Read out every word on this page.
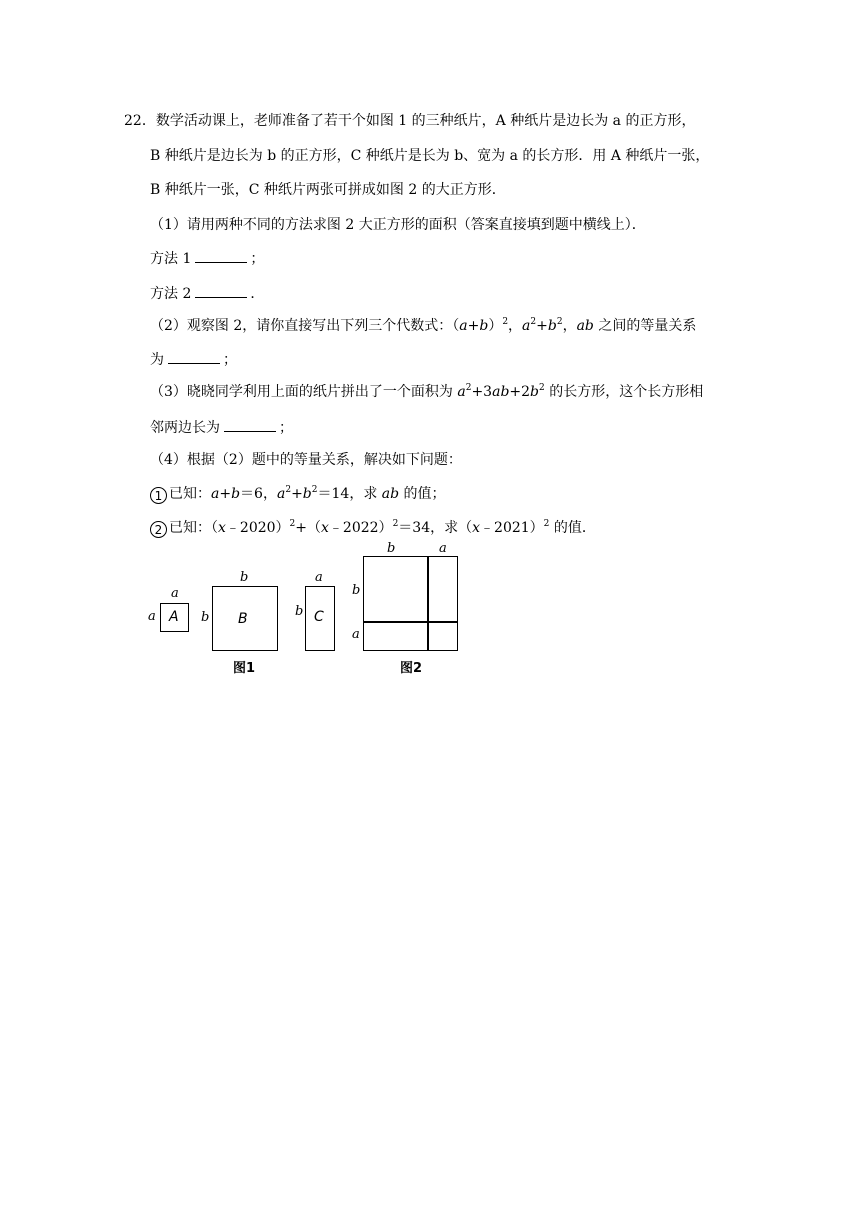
22．数学活动课上，老师准备了若干个如图 1 的三种纸片，A 种纸片是边长为 a 的正方形，
B 种纸片是边长为 b 的正方形，C 种纸片是长为 b、宽为 a 的长方形．用 A 种纸片一张，
B 种纸片一张，C 种纸片两张可拼成如图 2 的大正方形．
（1）请用两种不同的方法求图 2 大正方形的面积（答案直接填到题中横线上）．
方法 1	；
方法 2	．
（2）观察图 2，请你直接写出下列三个代数式：$(a+b)^2$，$a^2+b^2$，ab 之间的等量关系
为	；
（3）晓晓同学利用上面的纸片拼出了一个面积为 $a^2+3ab+2b^2$ 的长方形，这个长方形相
邻两边长为	；
（4）根据（2）题中的等量关系，解决如下问题：
1 已知：a+b＝6，$a^2+b^2=14$，求 ab 的值；
2 已知：（x﹣2020）$^2$+（x﹣2022）$^2$＝34，求（x﹣2021）$^2$ 的值．
a
a A
b
b B
a
b C
图1
b	a
b
a
图2
